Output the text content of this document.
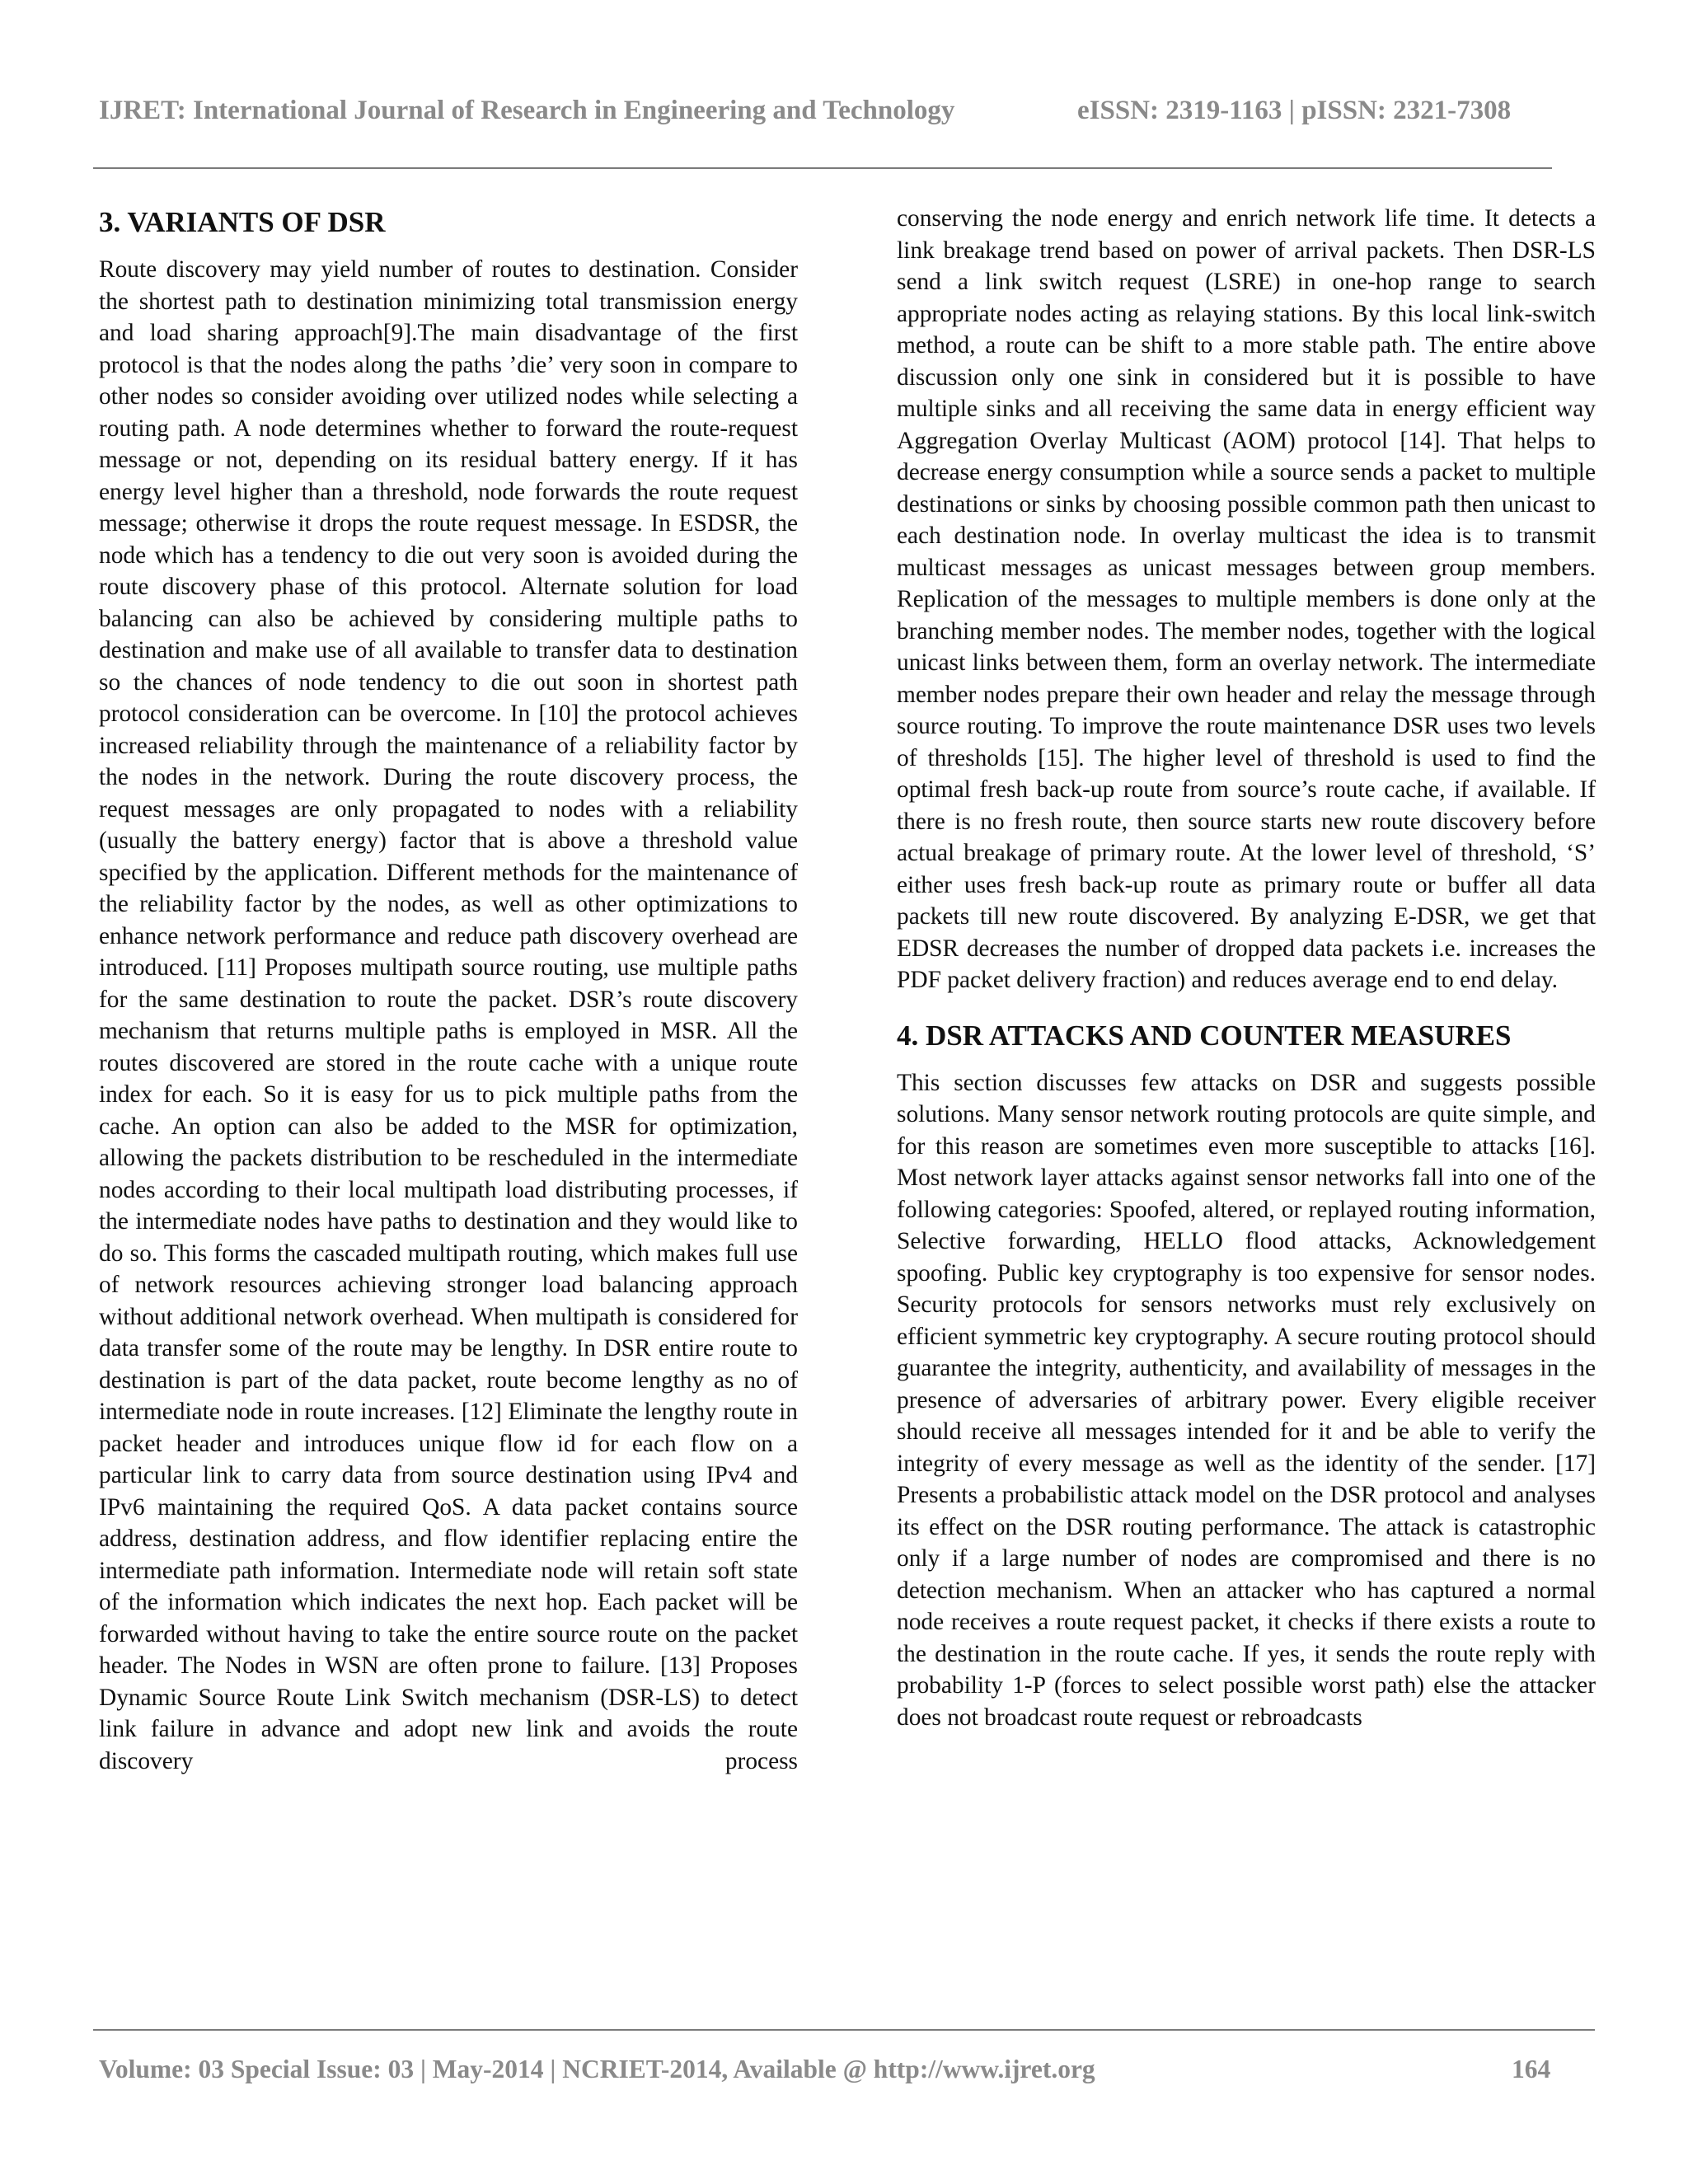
IJRET: International Journal of Research in Engineering and Technology	eISSN: 2319-1163 | pISSN: 2321-7308
3. VARIANTS OF DSR

Route discovery may yield number of routes to destination. Consider the shortest path to destination minimizing total transmission energy and load sharing approach[9].The main disadvantage of the first protocol is that the nodes along the paths ’die’ very soon in compare to other nodes so consider avoiding over utilized nodes while selecting a routing path. A node determines whether to forward the route-request message or not, depending on its residual battery energy. If it has energy level higher than a threshold, node forwards the route request message; otherwise it drops the route request message. In ESDSR, the node which has a tendency to die out very soon is avoided during the route discovery phase of this protocol. Alternate solution for load balancing can also be achieved by considering multiple paths to destination and make use of all available to transfer data to destination so the chances of node tendency to die out soon in shortest path protocol consideration can be overcome. In [10] the protocol achieves increased reliability through the maintenance of a reliability factor by the nodes in the network. During the route discovery process, the request messages are only propagated to nodes with a reliability (usually the battery energy) factor that is above a threshold value specified by the application. Different methods for the maintenance of the reliability factor by the nodes, as well as other optimizations to enhance network performance and reduce path discovery overhead are introduced. [11] Proposes multipath source routing, use multiple paths for the same destination to route the packet. DSR’s route discovery mechanism that returns multiple paths is employed in MSR. All the routes discovered are stored in the route cache with a unique route index for each. So it is easy for us to pick multiple paths from the cache. An option can also be added to the MSR for optimization, allowing the packets distribution to be rescheduled in the intermediate nodes according to their local multipath load distributing processes, if the intermediate nodes have paths to destination and they would like to do so. This forms the cascaded multipath routing, which makes full use of network resources achieving stronger load balancing approach without additional network overhead. When multipath is considered for data transfer some of the route may be lengthy. In DSR entire route to destination is part of the data packet, route become lengthy as no of intermediate node in route increases. [12] Eliminate the lengthy route in packet header and introduces unique flow id for each flow on a particular link to carry data from source destination using IPv4 and IPv6 maintaining the required QoS. A data packet contains source address, destination address, and flow identifier replacing entire the intermediate path information. Intermediate node will retain soft state of the information which indicates the next hop. Each packet will be forwarded without having to take the entire source route on the packet header. The Nodes in WSN are often prone to failure. [13] Proposes Dynamic Source Route Link Switch mechanism (DSR-LS) to detect link failure in advance and adopt new link and avoids the route discovery process

conserving the node energy and enrich network life time. It detects a link breakage trend based on power of arrival packets. Then DSR-LS send a link switch request (LSRE) in one-hop range to search appropriate nodes acting as relaying stations. By this local link-switch method, a route can be shift to a more stable path. The entire above discussion only one sink in considered but it is possible to have multiple sinks and all receiving the same data in energy efficient way Aggregation Overlay Multicast (AOM) protocol [14]. That helps to decrease energy consumption while a source sends a packet to multiple destinations or sinks by choosing possible common path then unicast to each destination node. In overlay multicast the idea is to transmit multicast messages as unicast messages between group members. Replication of the messages to multiple members is done only at the branching member nodes. The member nodes, together with the logical unicast links between them, form an overlay network. The intermediate member nodes prepare their own header and relay the message through source routing. To improve the route maintenance DSR uses two levels of thresholds [15]. The higher level of threshold is used to find the optimal fresh back-up route from source’s route cache, if available. If there is no fresh route, then source starts new route discovery before actual breakage of primary route. At the lower level of threshold, ‘S’ either uses fresh back-up route as primary route or buffer all data packets till new route discovered. By analyzing E-DSR, we get that EDSR decreases the number of dropped data packets i.e. increases the PDF packet delivery fraction) and reduces average end to end delay.

4. DSR ATTACKS AND COUNTER MEASURES

This section discusses few attacks on DSR and suggests possible solutions. Many sensor network routing protocols are quite simple, and for this reason are sometimes even more susceptible to attacks [16]. Most network layer attacks against sensor networks fall into one of the following categories: Spoofed, altered, or replayed routing information, Selective forwarding, HELLO flood attacks, Acknowledgement spoofing. Public key cryptography is too expensive for sensor nodes. Security protocols for sensors networks must rely exclusively on efficient symmetric key cryptography. A secure routing protocol should guarantee the integrity, authenticity, and availability of messages in the presence of adversaries of arbitrary power. Every eligible receiver should receive all messages intended for it and be able to verify the integrity of every message as well as the identity of the sender. [17] Presents a probabilistic attack model on the DSR protocol and analyses its effect on the DSR routing performance. The attack is catastrophic only if a large number of nodes are compromised and there is no detection mechanism. When an attacker who has captured a normal node receives a route request packet, it checks if there exists a route to the destination in the route cache. If yes, it sends the route reply with probability 1-P (forces to select possible worst path) else the attacker does not broadcast route request or rebroadcasts

Volume: 03 Special Issue: 03 | May-2014 | NCRIET-2014, Available @ http://www.ijret.org	164
